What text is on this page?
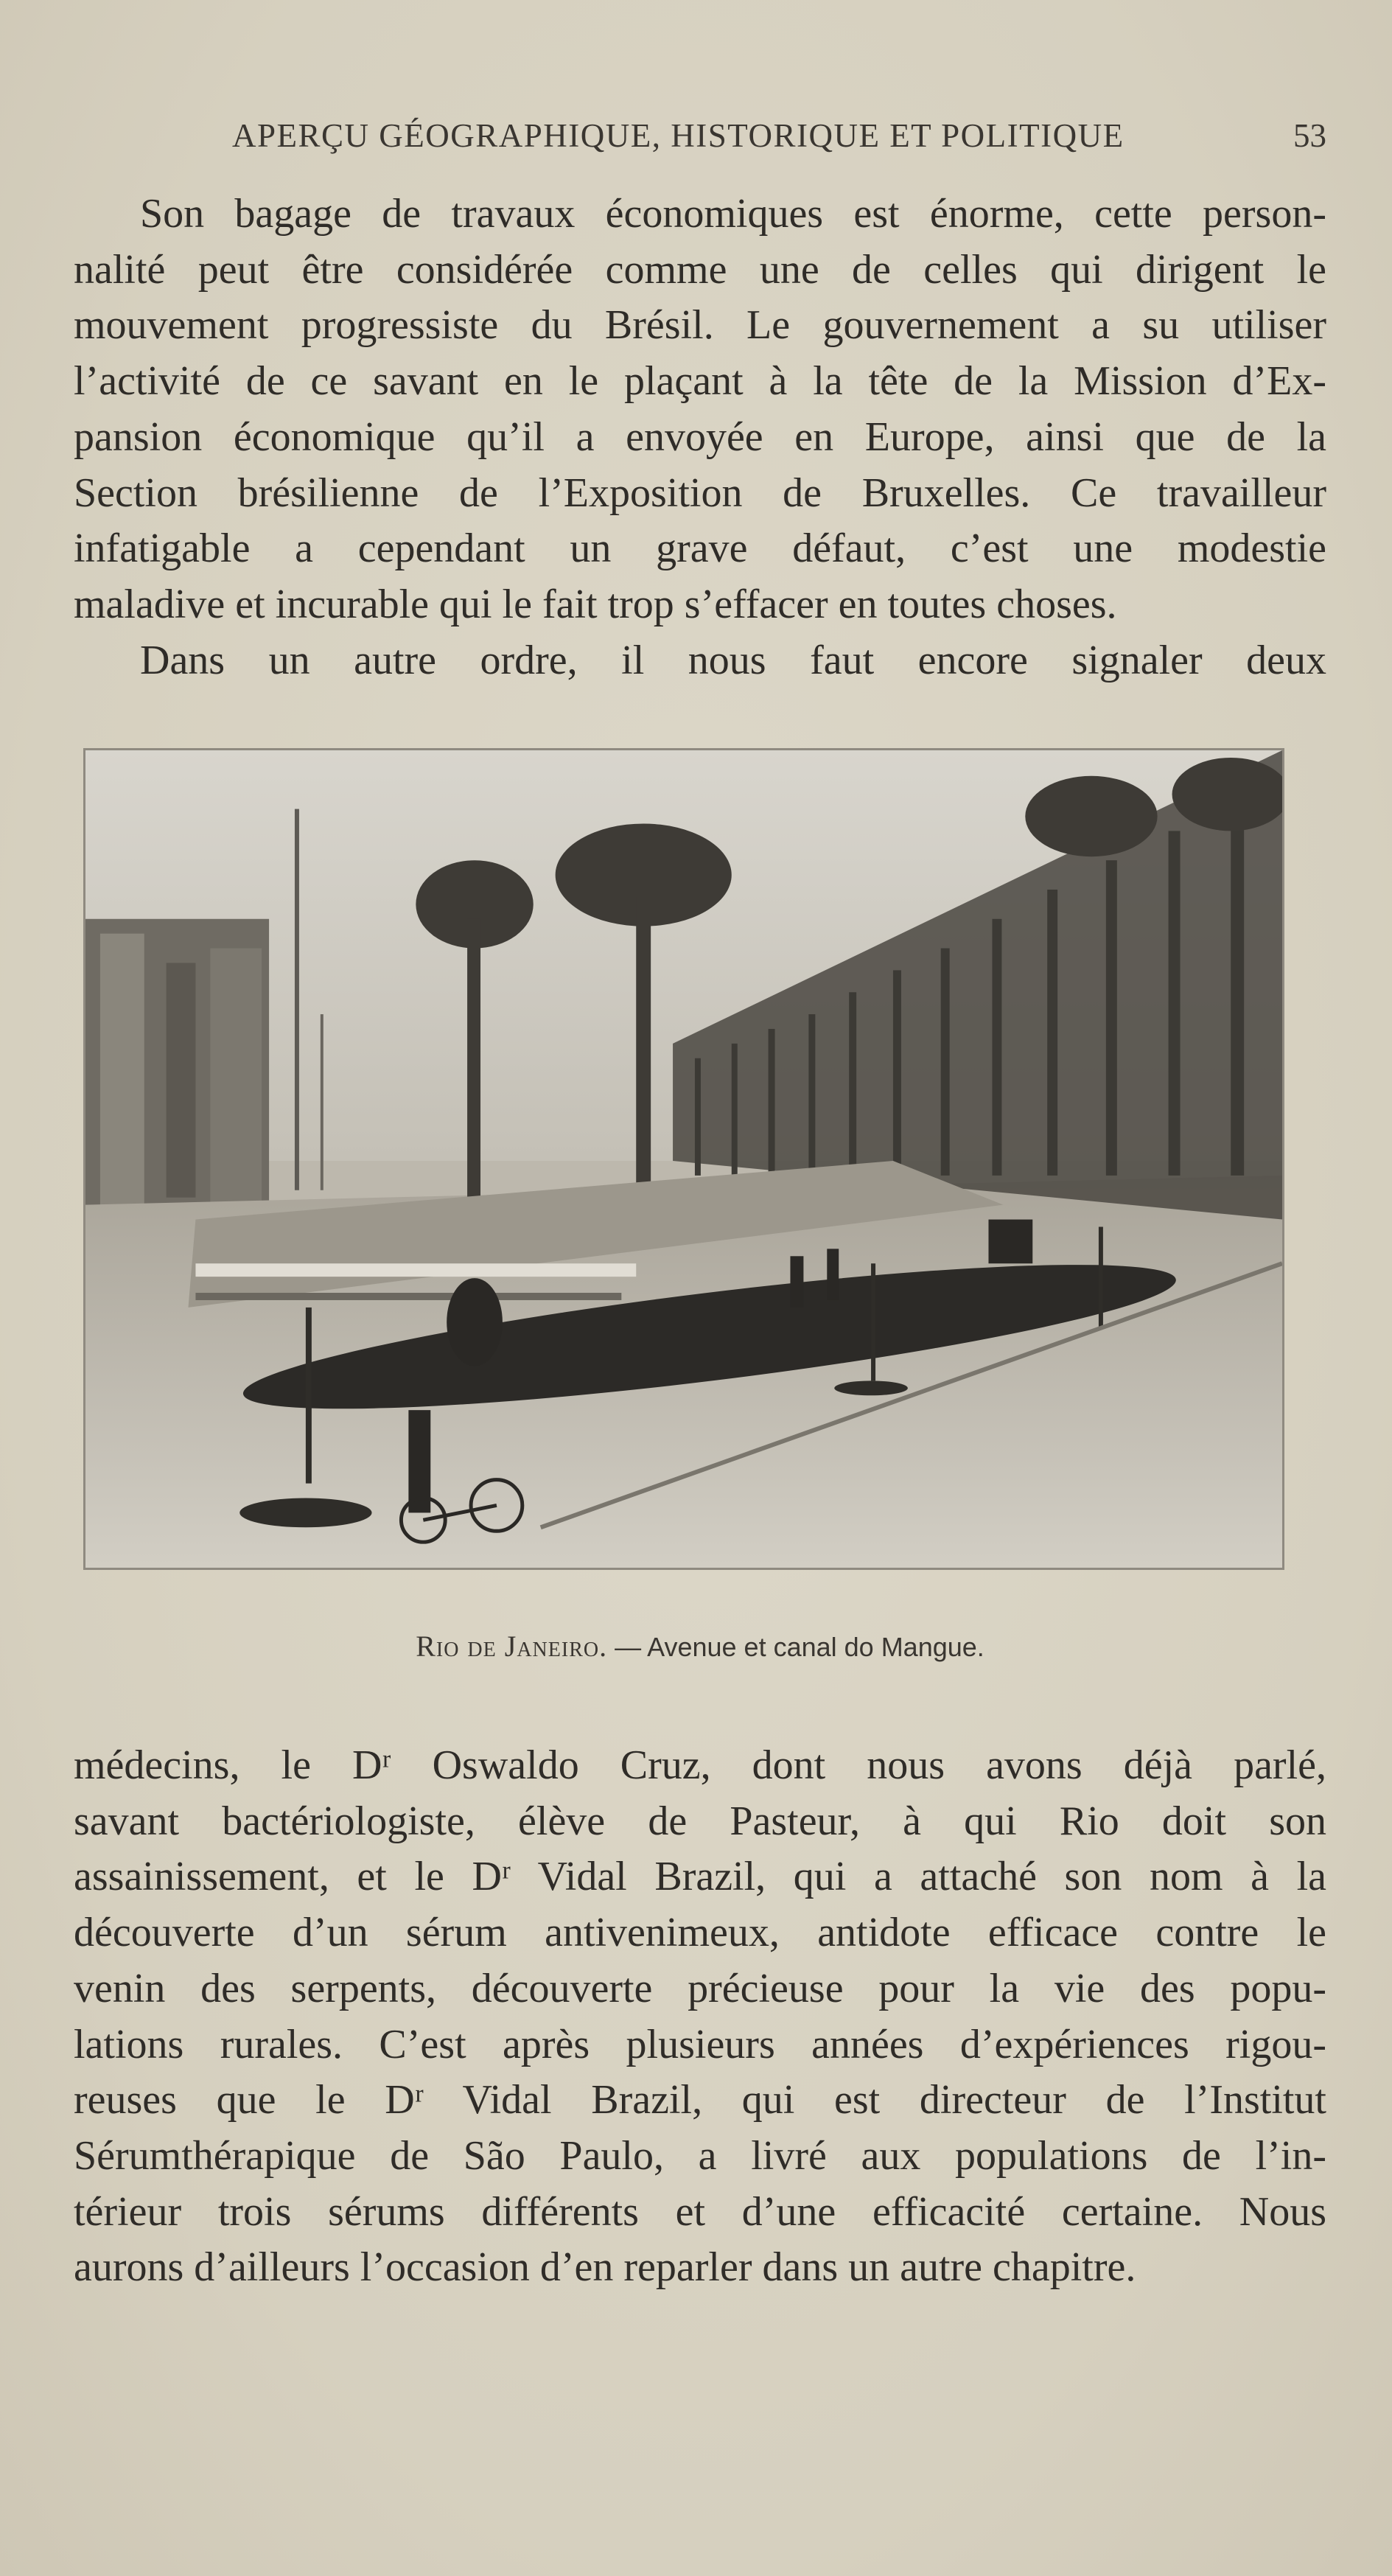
APERÇU GÉOGRAPHIQUE, HISTORIQUE ET POLITIQUE	53

Son bagage de travaux économiques est énorme, cette person-

nalité peut être considérée comme une de celles qui dirigent le

mouvement progressiste du Brésil. Le gouvernement a su utiliser

l’activité de ce savant en le plaçant à la tête de la Mission d’Ex-

pansion économique qu’il a envoyée en Europe, ainsi que de la

Section brésilienne de l’Exposition de Bruxelles. Ce travailleur

infatigable a cependant un grave défaut, c’est une modestie

maladive et incurable qui le fait trop s’effacer en toutes choses.

Dans un autre ordre, il nous faut encore signaler deux

Rio de Janeiro. — Avenue et canal do Mangue.

médecins, le Dʳ Oswaldo Cruz, dont nous avons déjà parlé,

savant bactériologiste, élève de Pasteur, à qui Rio doit son

assainissement, et le Dʳ Vidal Brazil, qui a attaché son nom à la

découverte d’un sérum antivenimeux, antidote efficace contre le

venin des serpents, découverte précieuse pour la vie des popu-

lations rurales. C’est après plusieurs années d’expériences rigou-

reuses que le Dʳ Vidal Brazil, qui est directeur de l’Institut

Sérumthérapique de São Paulo, a livré aux populations de l’in-

térieur trois sérums différents et d’une efficacité certaine. Nous

aurons d’ailleurs l’occasion d’en reparler dans un autre chapitre.
